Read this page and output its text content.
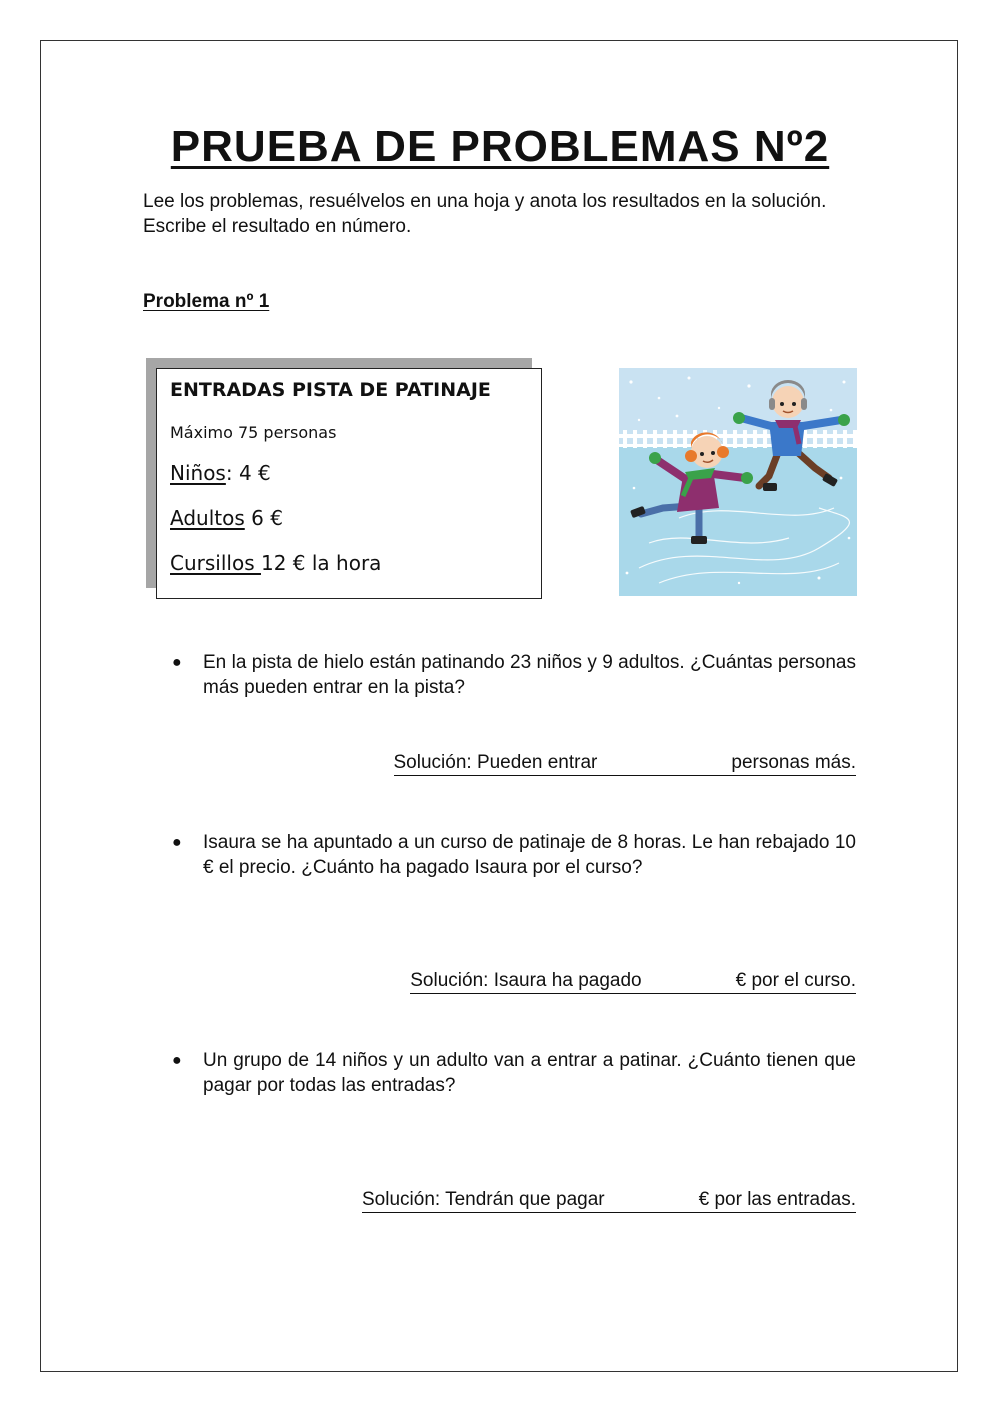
PRUEBA DE PROBLEMAS Nº2
Lee los problemas, resuélvelos en una hoja y anota los resultados en la solución. Escribe el resultado en número.
Problema nº 1
ENTRADAS PISTA DE PATINAJE
Máximo 75 personas
Niños: 4 €
Adultos 6 €
Cursillos 12 € la hora
● En la pista de hielo están patinando 23 niños y 9 adultos. ¿Cuántas personas más pueden entrar en la pista?
Solución: Pueden entrar	personas más.
● Isaura se ha apuntado a un curso de patinaje de 8 horas. Le han rebajado 10 € el precio. ¿Cuánto ha pagado Isaura por el curso?
Solución: Isaura ha pagado	€ por el curso.
● Un grupo de 14 niños y un adulto van a entrar a patinar. ¿Cuánto tienen que pagar por todas las entradas?
Solución: Tendrán que pagar	€ por las entradas.
